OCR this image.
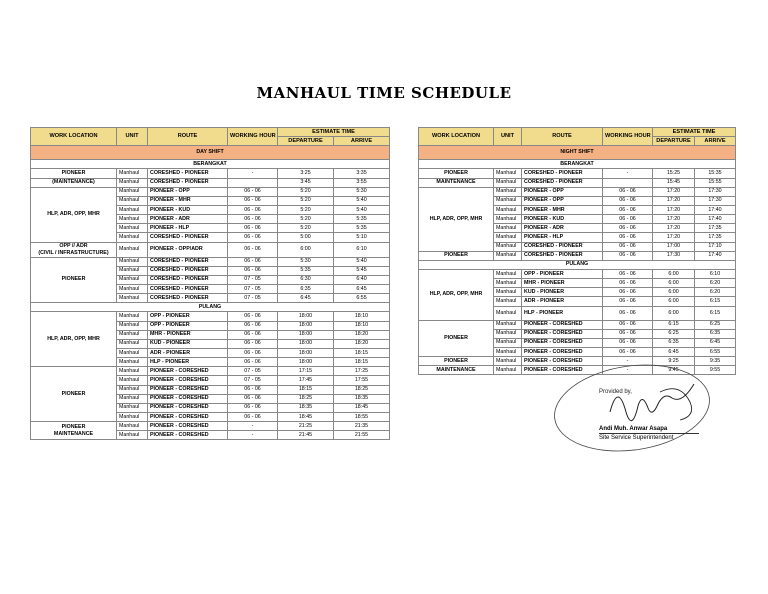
MANHAUL TIME SCHEDULE
WORK LOCATION	UNIT	ROUTE	WORKING HOUR	ESTIMATE TIME	
				DEPARTURE	ARRIVE
DAY SHIFT					
BERANGKAT					
PIONEER	Manhaul	CORESHED - PIONEER	-	3:25	3:35
(MAINTENANCE)	Manhaul	CORESHED - PIONEER		3:45	3:55
HLP, ADR, OPP, MHR	Manhaul	PIONEER - OPP	06 - 06	5:20	5:30
	Manhaul	PIONEER - MHR	06 - 06	5:20	5:40
	Manhaul	PIONEER - KUD	06 - 06	5:20	5:40
	Manhaul	PIONEER - ADR	06 - 06	5:20	5:35
	Manhaul	PIONEER - HLP	06 - 06	5:20	5:35
	Manhaul	CORESHED - PIONEER	06 - 06	5:00	5:10
OPP // ADR
(CIVIL / INFRASTRUCTURE)	Manhaul	PIONEER - OPP/ADR	06 - 06	6:00	6:10
PIONEER	Manhaul	CORESHED - PIONEER	06 - 06	5:30	5:40
	Manhaul	CORESHED - PIONEER	06 - 06	5:35	5:45
	Manhaul	CORESHED - PIONEER	07 - 05	6:30	6:40
	Manhaul	CORESHED - PIONEER	07 - 05	6:35	6:45
	Manhaul	CORESHED - PIONEER	07 - 05	6:45	6:55
PULANG					
HLP, ADR, OPP, MHR	Manhaul	OPP - PIONEER	06 - 06	18:00	18:10
	Manhaul	OPP - PIONEER	06 - 06	18:00	18:10
	Manhaul	MHR - PIONEER	06 - 06	18:00	18:20
	Manhaul	KUD - PIONEER	06 - 06	18:00	18:20
	Manhaul	ADR - PIONEER	06 - 06	18:00	18:15
	Manhaul	HLP - PIONEER	06 - 06	18:00	18:15
PIONEER	Manhaul	PIONEER - CORESHED	07 - 05	17:15	17:25
	Manhaul	PIONEER - CORESHED	07 - 05	17:45	17:55
	Manhaul	PIONEER - CORESHED	06 - 06	18:15	18:25
	Manhaul	PIONEER - CORESHED	06 - 06	18:25	18:35
	Manhaul	PIONEER - CORESHED	06 - 06	18:35	18:45
	Manhaul	PIONEER - CORESHED	06 - 06	18:45	18:55
PIONEER
MAINTENANCE	Manhaul	PIONEER - CORESHED	-	21:25	21:35
	Manhaul	PIONEER - CORESHED	-	21:45	21:55
WORK LOCATION	UNIT	ROUTE	WORKING HOUR	ESTIMATE TIME	
				DEPARTURE	ARRIVE
NIGHT SHIFT					
BERANGKAT					
PIONEER	Manhaul	CORESHED - PIONEER	-	15:25	15:35
MAINTENANCE	Manhaul	CORESHED - PIONEER		15:45	15:55
HLP, ADR, OPP, MHR	Manhaul	PIONEER - OPP	06 - 06	17:20	17:30
	Manhaul	PIONEER - OPP	06 - 06	17:20	17:30
	Manhaul	PIONEER - MHR	06 - 06	17:20	17:40
	Manhaul	PIONEER - KUD	06 - 06	17:20	17:40
	Manhaul	PIONEER - ADR	06 - 06	17:20	17:35
	Manhaul	PIONEER - HLP	06 - 06	17:20	17:35
	Manhaul	CORESHED - PIONEER	06 - 06	17:00	17:10
PIONEER	Manhaul	CORESHED - PIONEER	06 - 06	17:30	17:40
PULANG					
HLP, ADR, OPP, MHR	Manhaul	OPP - PIONEER	06 - 06	6:00	6:10
	Manhaul	MHR - PIONEER	06 - 06	6:00	6:20
	Manhaul	KUD - PIONEER	06 - 06	6:00	6:20
	Manhaul	ADR - PIONEER	06 - 06	6:00	6:15
	Manhaul	HLP - PIONEER	06 - 06	6:00	6:15
PIONEER	Manhaul	PIONEER - CORESHED	06 - 06	6:15	6:25
	Manhaul	PIONEER - CORESHED	06 - 06	6:25	6:35
	Manhaul	PIONEER - CORESHED	06 - 06	6:35	6:45
	Manhaul	PIONEER - CORESHED	06 - 06	6:45	6:55
PIONEER	Manhaul	PIONEER - CORESHED	-	9:25	9:35
MAINTENANCE	Manhaul	PIONEER - CORESHED	-	9:45	9:55
Provided by,
Andi Muh. Anwar Asapa
Site Service Superintendent
